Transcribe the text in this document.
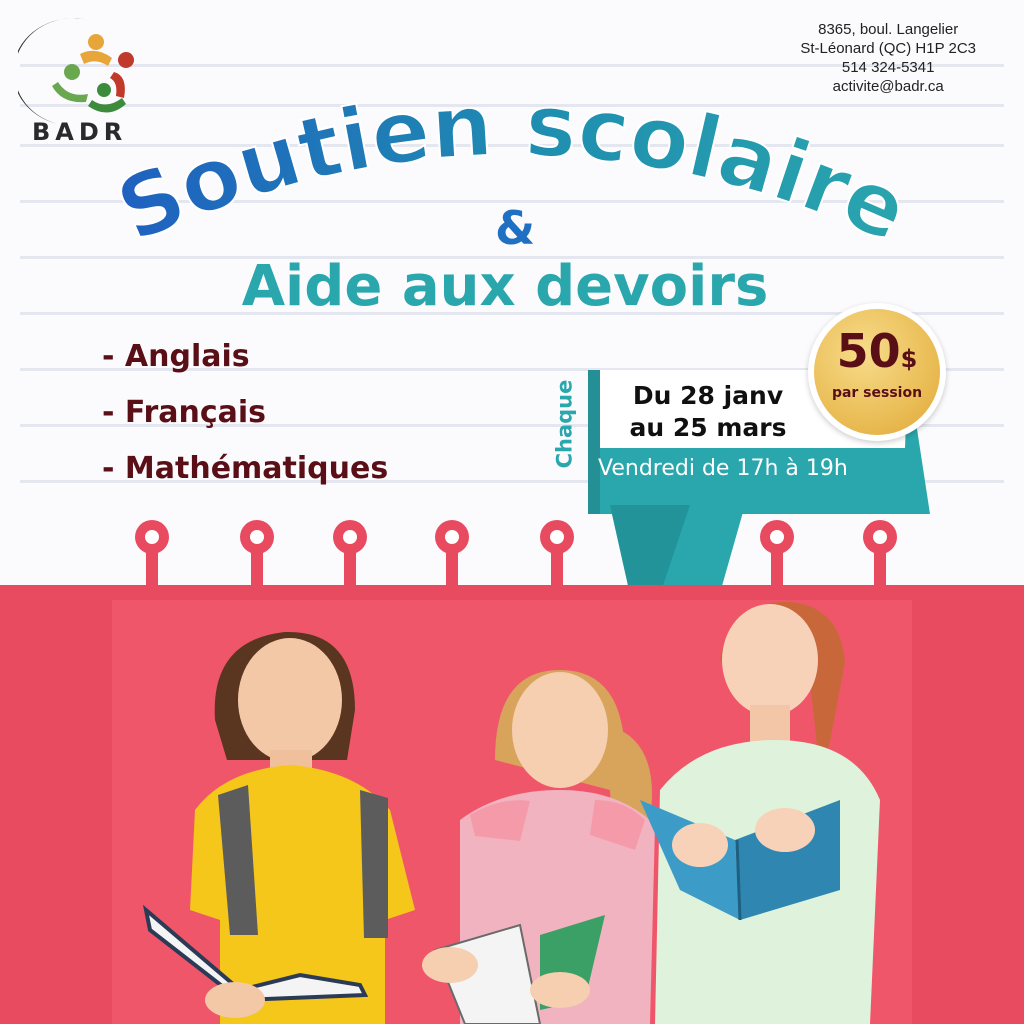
BADR
8365, boul. Langelier
St-Léonard (QC) H1P 2C3
514 324-5341
activite@badr.ca
Soutien scolaire
&
Aide aux devoirs
- Anglais
- Français
- Mathématiques
Chaque	Du 28 janv
au 25 mars
Vendredi de 17h à 19h
50$
par session
